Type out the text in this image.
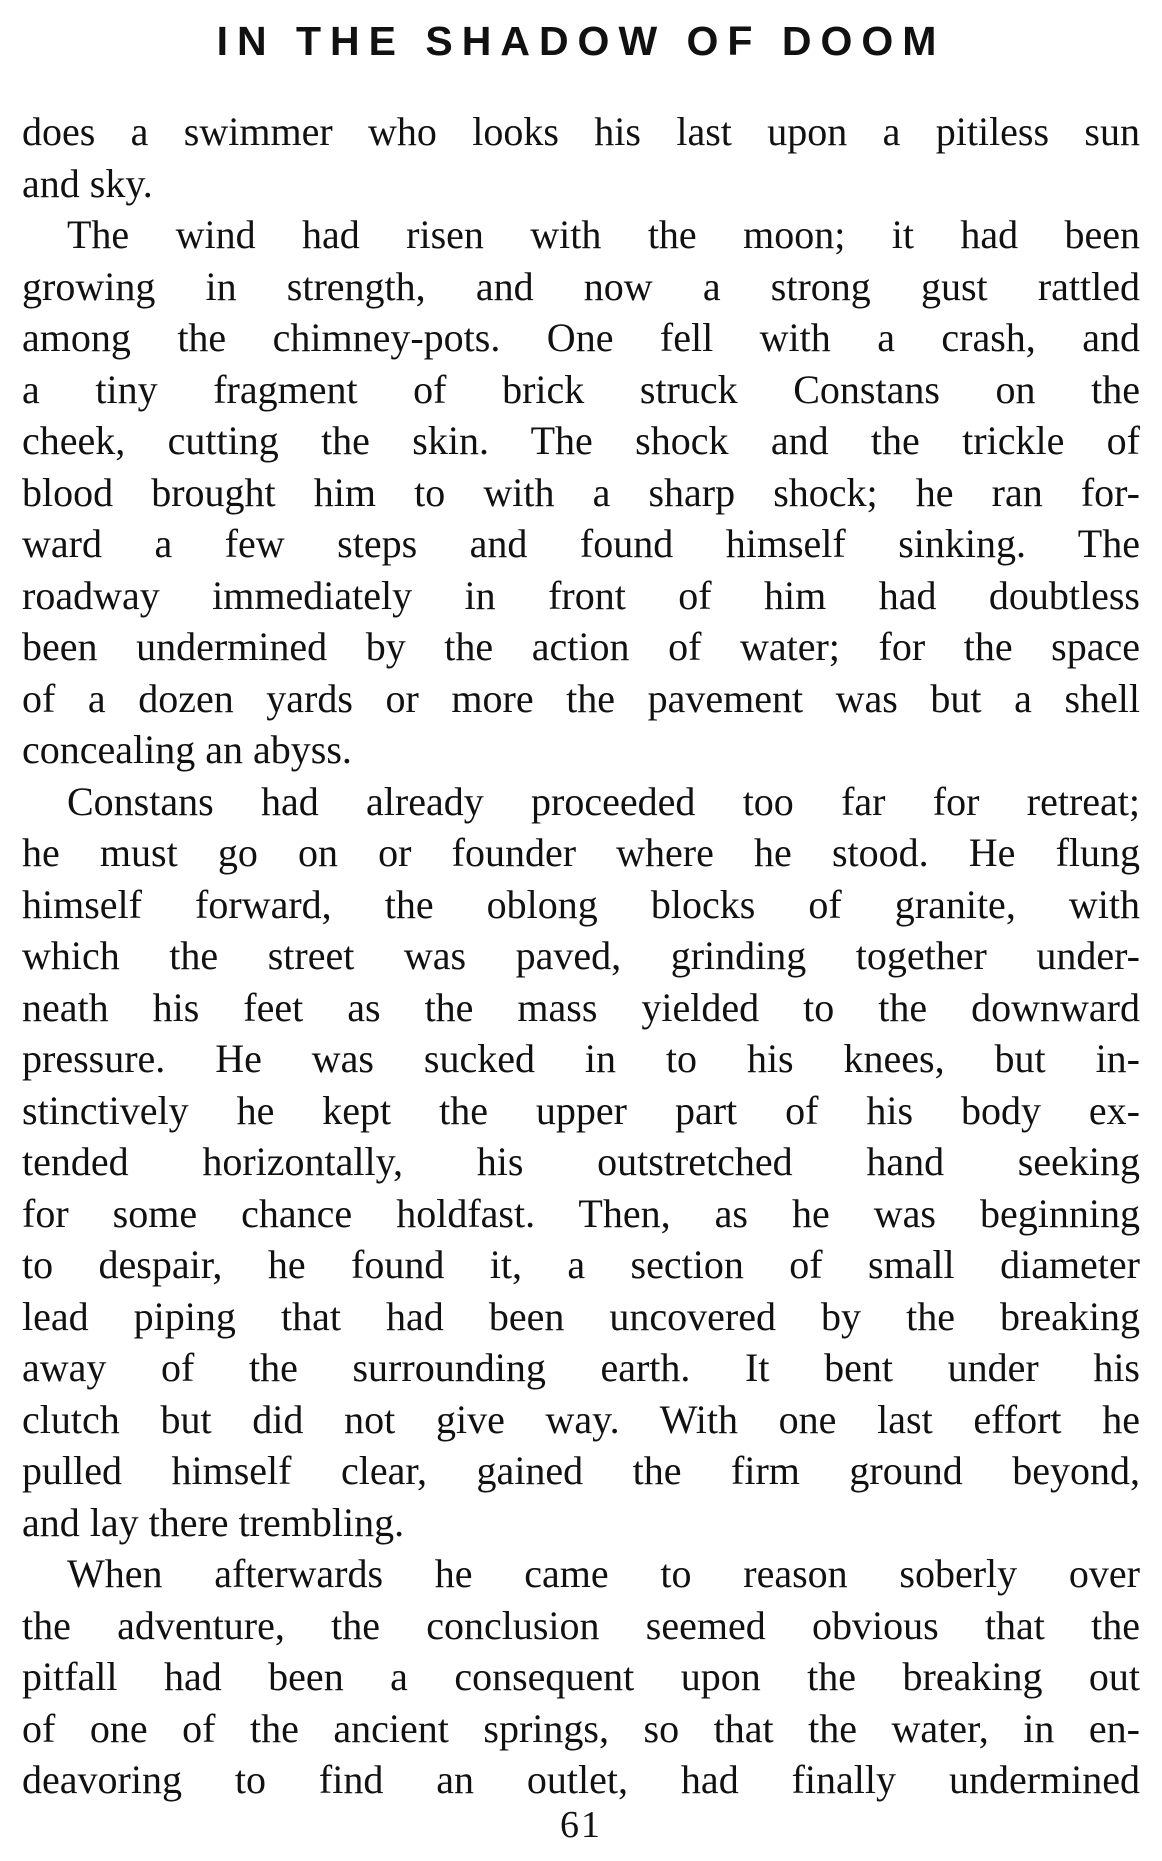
IN THE SHADOW OF DOOM
does a swimmer who looks his last upon a pitiless sun
and sky.
The wind had risen with the moon; it had been
growing in strength, and now a strong gust rattled
among the chimney-pots. One fell with a crash, and
a tiny fragment of brick struck Constans on the
cheek, cutting the skin. The shock and the trickle of
blood brought him to with a sharp shock; he ran for-
ward a few steps and found himself sinking. The
roadway immediately in front of him had doubtless
been undermined by the action of water; for the space
of a dozen yards or more the pavement was but a shell
concealing an abyss.
Constans had already proceeded too far for retreat;
he must go on or founder where he stood. He flung
himself forward, the oblong blocks of granite, with
which the street was paved, grinding together under-
neath his feet as the mass yielded to the downward
pressure. He was sucked in to his knees, but in-
stinctively he kept the upper part of his body ex-
tended horizontally, his outstretched hand seeking
for some chance holdfast. Then, as he was beginning
to despair, he found it, a section of small diameter
lead piping that had been uncovered by the breaking
away of the surrounding earth. It bent under his
clutch but did not give way. With one last effort he
pulled himself clear, gained the firm ground beyond,
and lay there trembling.
When afterwards he came to reason soberly over
the adventure, the conclusion seemed obvious that the
pitfall had been a consequent upon the breaking out
of one of the ancient springs, so that the water, in en-
deavoring to find an outlet, had finally undermined
61
